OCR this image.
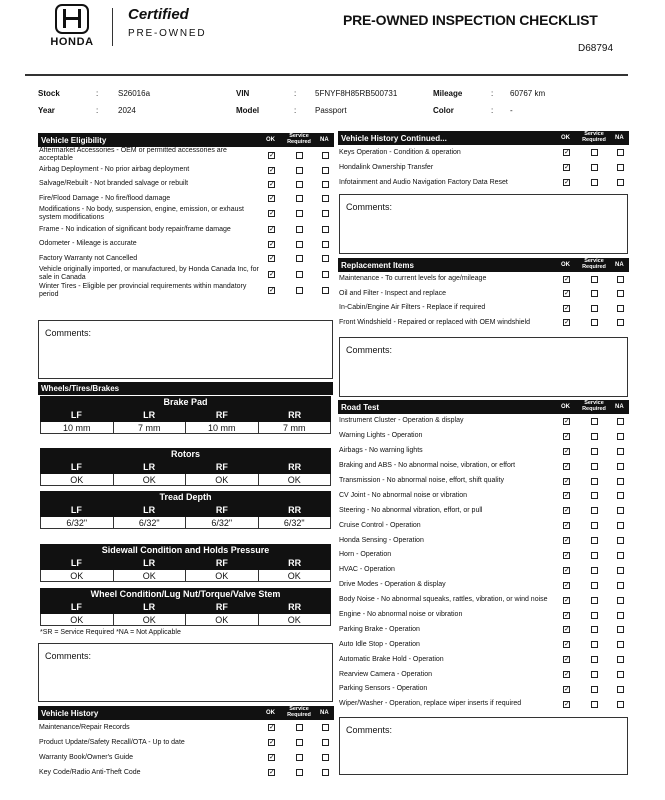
HONDA
Certified
PRE-OWNED
PRE-OWNED INSPECTION CHECKLIST
D68794
Stock	: S26016a	VIN	: 5FNYF8H85RB500731	Mileage	: 60767 km
Year	: 2024	Model	: Passport	Color	: -
Vehicle Eligibility	OK
Service Required	NA
Aftermarket Accessories - OEM or permitted accessories are acceptable	✓
Airbag Deployment - No prior airbag deployment	✓
Salvage/Rebuilt - Not branded salvage or rebuilt	✓
Fire/Flood Damage - No fire/flood damage	✓
Modifications - No body, suspension, engine, emission, or exhaust system modifications	✓
Frame - No indication of significant body repair/frame damage	✓
Odometer - Mileage is accurate	✓
Factory Warranty not Cancelled	✓
Vehicle originally imported, or manufactured, by Honda Canada Inc, for sale in Canada	✓
Winter Tires - Eligible per provincial requirements within mandatory period	✓
Comments:
Vehicle History Continued...	OK
Service Required	NA
Keys Operation - Condition & operation	✓
Hondalink Ownership Transfer	✓
Infotainment and Audio Navigation Factory Data Reset	✓
Comments:
Replacement Items	OK
Service Required	NA
Maintenance - To current levels for age/mileage	✓
Oil and Filter - Inspect and replace	✓
In-Cabin/Engine Air Filters - Replace if required	✓
Front Windshield - Repaired or replaced with OEM windshield	✓
Comments:
Road Test	OK
Service Required	NA
Instrument Cluster - Operation & display	✓
Warning Lights - Operation	✓
Airbags - No warning lights	✓
Braking and ABS - No abnormal noise, vibration, or effort	✓
Transmission - No abnormal noise, effort, shift quality	✓
CV Joint - No abnormal noise or vibration	✓
Steering - No abnormal vibration, effort, or pull	✓
Cruise Control - Operation	✓
Honda Sensing - Operation	✓
Horn - Operation	✓
HVAC - Operation	✓
Drive Modes - Operation & display	✓
Body Noise - No abnormal squeaks, rattles, vibration, or wind noise	✓
Engine - No abnormal noise or vibration	✓
Parking Brake - Operation	✓
Auto Idle Stop - Operation	✓
Automatic Brake Hold - Operation	✓
Rearview Camera - Operation	✓
Parking Sensors - Operation	✓
Wiper/Washer - Operation, replace wiper inserts if required	✓
Comments:
Wheels/Tires/Brakes
Brake Pad
LF	LR	RF	RR
10 mm	7 mm	10 mm	7 mm
Rotors
LF	LR	RF	RR
OK	OK	OK	OK
Tread Depth
LF	LR	RF	RR
6/32"	6/32"	6/32"	6/32"
Sidewall Condition and Holds Pressure
LF	LR	RF	RR
OK	OK	OK	OK
Wheel Condition/Lug Nut/Torque/Valve Stem
LF	LR	RF	RR
OK	OK	OK	OK
*SR = Service Required *NA = Not Applicable
Comments:
Vehicle History	OK
Service Required	NA
Maintenance/Repair Records	✓
Product Update/Safety Recall/OTA - Up to date	✓
Warranty Book/Owner's Guide	✓
Key Code/Radio Anti-Theft Code	✓
